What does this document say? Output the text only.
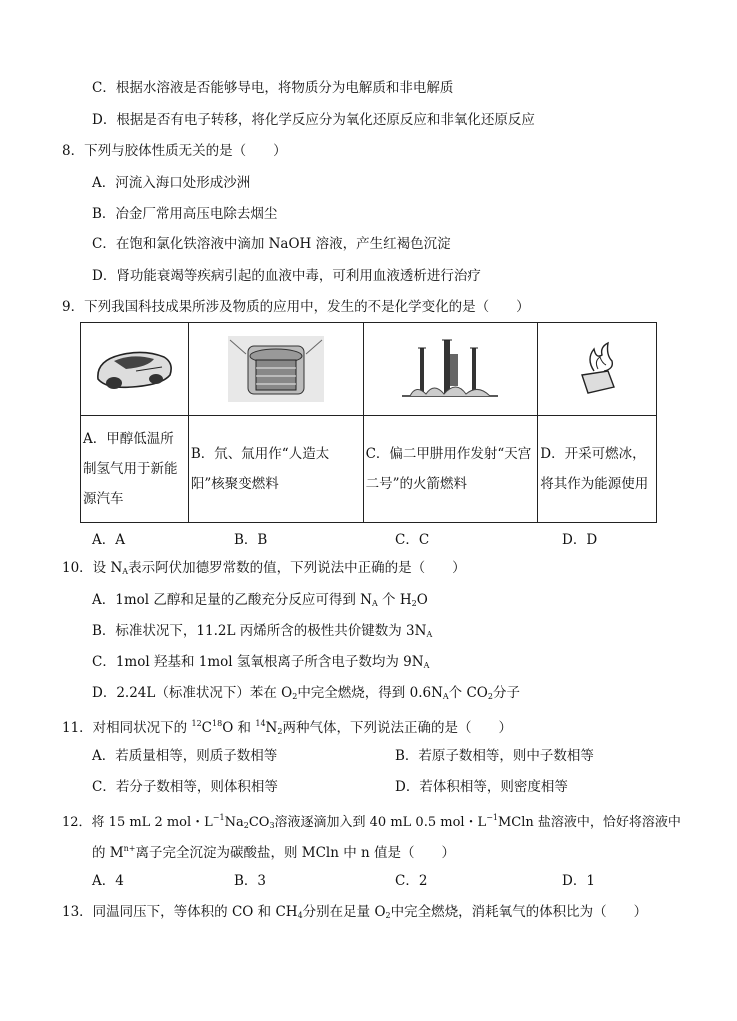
C．根据水溶液是否能够导电，将物质分为电解质和非电解质
D．根据是否有电子转移，将化学反应分为氧化还原反应和非氧化还原反应
8．下列与胶体性质无关的是（　　）
A．河流入海口处形成沙洲
B．冶金厂常用高压电除去烟尘
C．在饱和氯化铁溶液中滴加 NaOH 溶液，产生红褐色沉淀
D．肾功能衰竭等疾病引起的血液中毒，可利用血液透析进行治疗
9．下列我国科技成果所涉及物质的应用中，发生的不是化学变化的是（　　）

A．甲醇低温所制氢气用于新能源汽车	B．氘、氚用作“人造太阳”核聚变燃料	C．偏二甲肼用作发射“天宫二号”的火箭燃料	D．开采可燃冰，将其作为能源使用
A．A	B．B	C．C	D．D
10．设 $N_A$表示阿伏加德罗常数的值，下列说法中正确的是（　　）
A．1mol 乙醇和足量的乙酸充分反应可得到 $N_A$ 个 $H_2O$
B．标准状况下，11.2L 丙烯所含的极性共价键数为 $3N_A$
C．1mol 羟基和 1mol 氢氧根离子所含电子数均为 $9N_A$
D．2.24L（标准状况下）苯在 $O_2$中完全燃烧，得到 $0.6N_A$个 $CO_2$分子
11．对相同状况下的 $^{12}C^{18}O$ 和 $^{14}N_2$两种气体，下列说法正确的是（　　）
A．若质量相等，则质子数相等	B．若原子数相等，则中子数相等
C．若分子数相等，则体积相等	D．若体积相等，则密度相等
12．将 15 mL 2 mol・$L^{-1}Na_2CO_3$溶液逐滴加入到 40 mL 0.5 mol・$L^{-1}MCln$ 盐溶液中，恰好将溶液中
的 $M^{n+}$离子完全沉淀为碳酸盐，则 MCln 中 n 值是（　　）
A．4	B．3	C．2	D．1
13．同温同压下，等体积的 CO 和 $CH_4$分别在足量 $O_2$中完全燃烧，消耗氧气的体积比为（　　）
